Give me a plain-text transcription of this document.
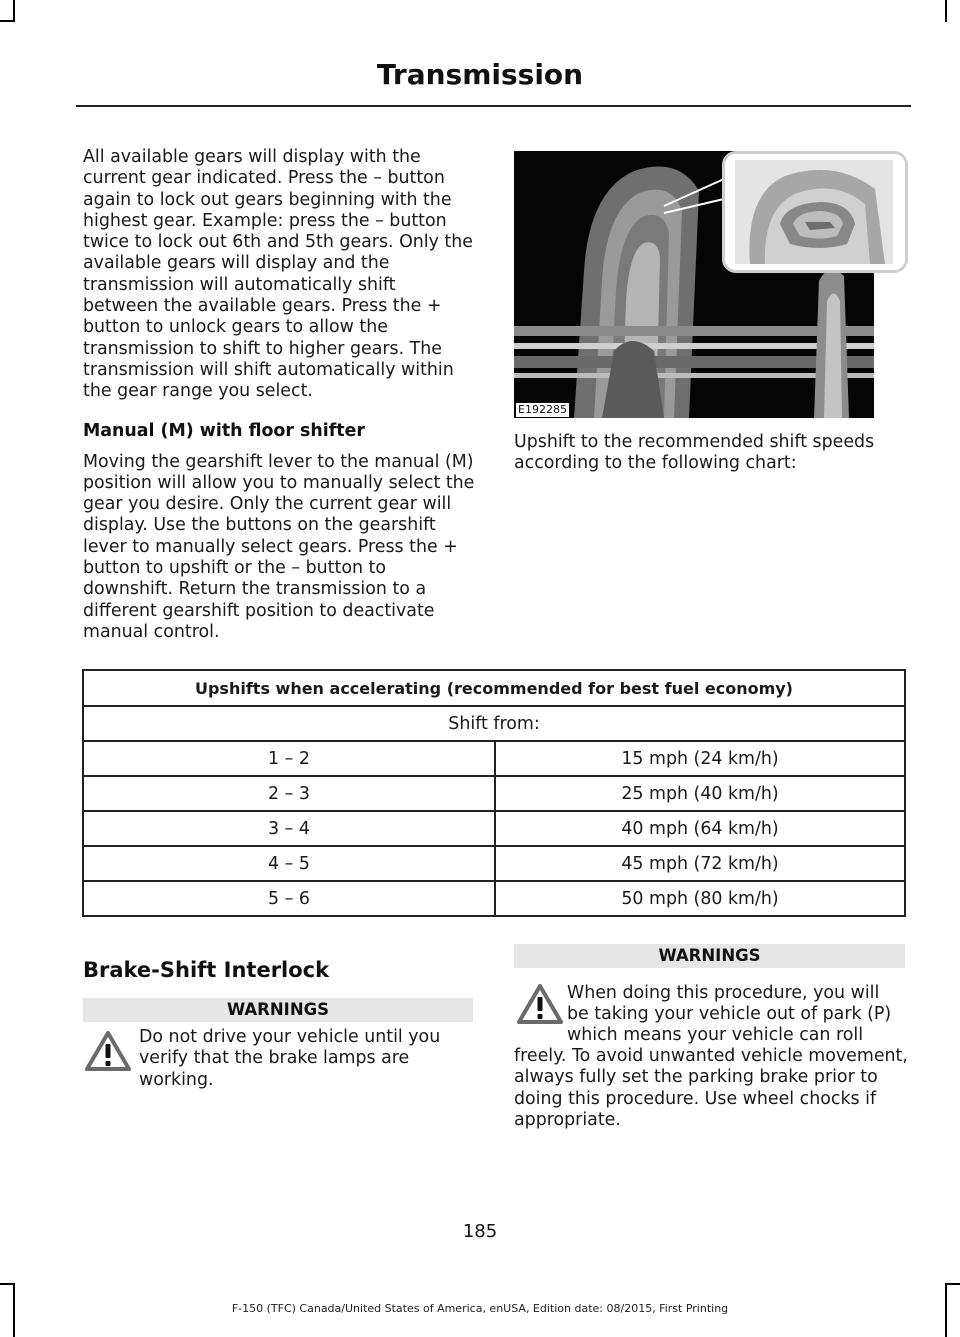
Transmission

All available gears will display with the current gear indicated. Press the – button again to lock out gears beginning with the highest gear. Example: press the – button twice to lock out 6th and 5th gears. Only the available gears will display and the transmission will automatically shift between the available gears. Press the + button to unlock gears to allow the transmission to shift to higher gears. The transmission will shift automatically within the gear range you select.

Manual (M) with floor shifter

Moving the gearshift lever to the manual (M) position will allow you to manually select the gear you desire. Only the current gear will display. Use the buttons on the gearshift lever to manually select gears. Press the + button to upshift or the – button to downshift. Return the transmission to a different gearshift position to deactivate manual control.

E192285

Upshift to the recommended shift speeds according to the following chart:

Upshifts when accelerating (recommended for best fuel economy)	
Shift from:	
1 – 2	15 mph (24 km/h)
2 – 3	25 mph (40 km/h)
3 – 4	40 mph (64 km/h)
4 – 5	45 mph (72 km/h)
5 – 6	50 mph (80 km/h)
Brake-Shift Interlock
WARNINGS

Do not drive your vehicle until you verify that the brake lamps are working.

WARNINGS

When doing this procedure, you will

be taking your vehicle out of park (P)

which means your vehicle can roll

freely. To avoid unwanted vehicle movement, always fully set the parking brake prior to doing this procedure. Use wheel chocks if appropriate.

185
F-150 (TFC) Canada/United States of America, enUSA, Edition date: 08/2015, First Printing
